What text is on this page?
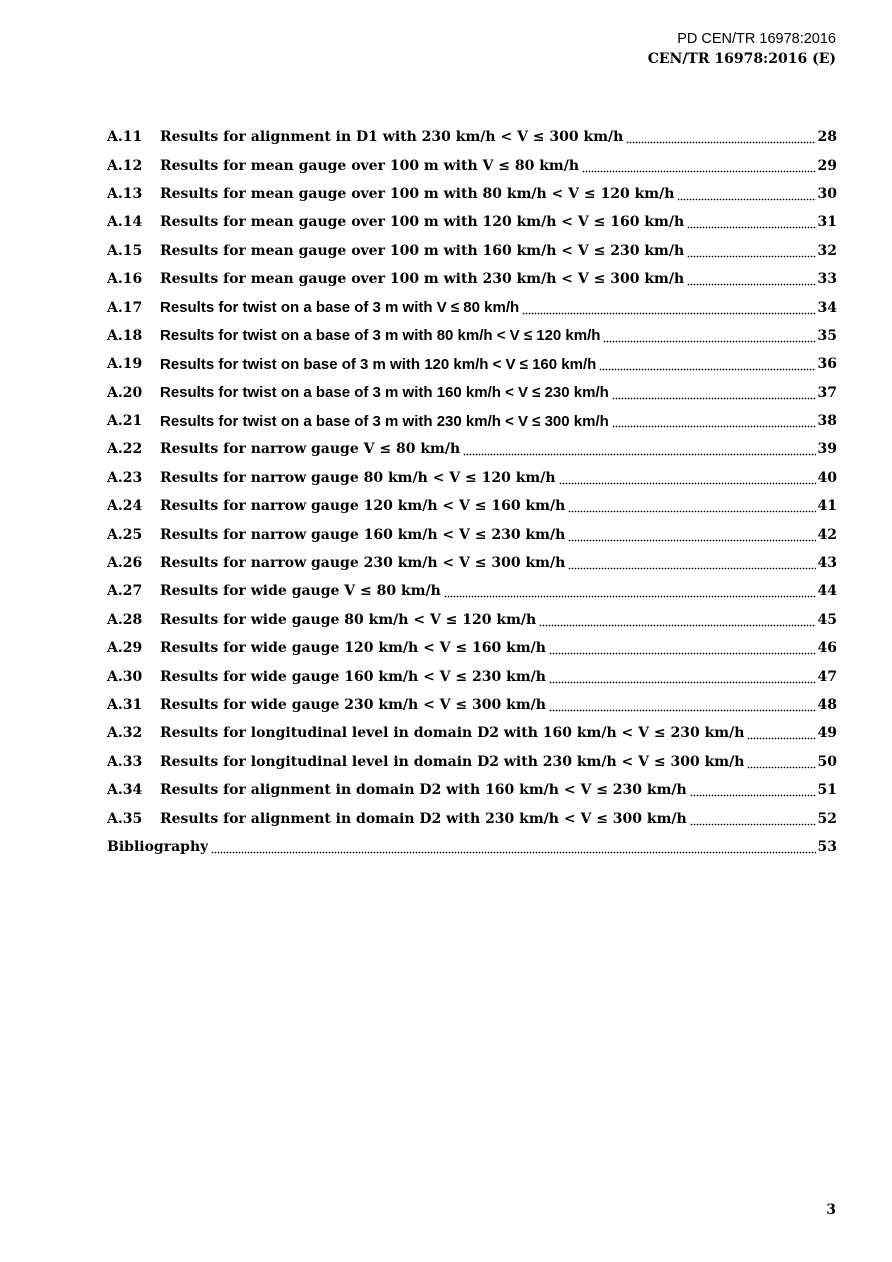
PD CEN/TR 16978:2016
CEN/TR 16978:2016 (E)
A.11	Results for alignment in D1 with 230 km/h < V ≤ 300 km/h	28
A.12	Results for mean gauge over 100 m with V ≤ 80 km/h	29
A.13	Results for mean gauge over 100 m with 80 km/h < V ≤ 120 km/h	30
A.14	Results for mean gauge over 100 m with 120 km/h < V ≤ 160 km/h	31
A.15	Results for mean gauge over 100 m with 160 km/h < V ≤ 230 km/h	32
A.16	Results for mean gauge over 100 m with 230 km/h < V ≤ 300 km/h	33
A.17	Results for twist on a base of 3 m with V ≤ 80 km/h	34
A.18	Results for twist on a base of 3 m with 80 km/h < V ≤ 120 km/h	35
A.19	Results for twist on base of 3 m with 120 km/h < V ≤ 160 km/h	36
A.20	Results for twist on a base of 3 m with 160 km/h < V ≤ 230 km/h	37
A.21	Results for twist on a base of 3 m with 230 km/h < V ≤ 300 km/h	38
A.22	Results for narrow gauge V ≤ 80 km/h	39
A.23	Results for narrow gauge 80 km/h < V ≤ 120 km/h	40
A.24	Results for narrow gauge 120 km/h < V ≤ 160 km/h	41
A.25	Results for narrow gauge 160 km/h < V ≤ 230 km/h	42
A.26	Results for narrow gauge 230 km/h < V ≤ 300 km/h	43
A.27	Results for wide gauge V ≤ 80 km/h	44
A.28	Results for wide gauge 80 km/h < V ≤ 120 km/h	45
A.29	Results for wide gauge 120 km/h < V ≤ 160 km/h	46
A.30	Results for wide gauge 160 km/h < V ≤ 230 km/h	47
A.31	Results for wide gauge 230 km/h < V ≤ 300 km/h	48
A.32	Results for longitudinal level in domain D2 with 160 km/h < V ≤ 230 km/h	49
A.33	Results for longitudinal level in domain D2 with 230 km/h < V ≤ 300 km/h	50
A.34	Results for alignment in domain D2 with 160 km/h < V ≤ 230 km/h	51
A.35	Results for alignment in domain D2 with 230 km/h < V ≤ 300 km/h	52
Bibliography	53
3
